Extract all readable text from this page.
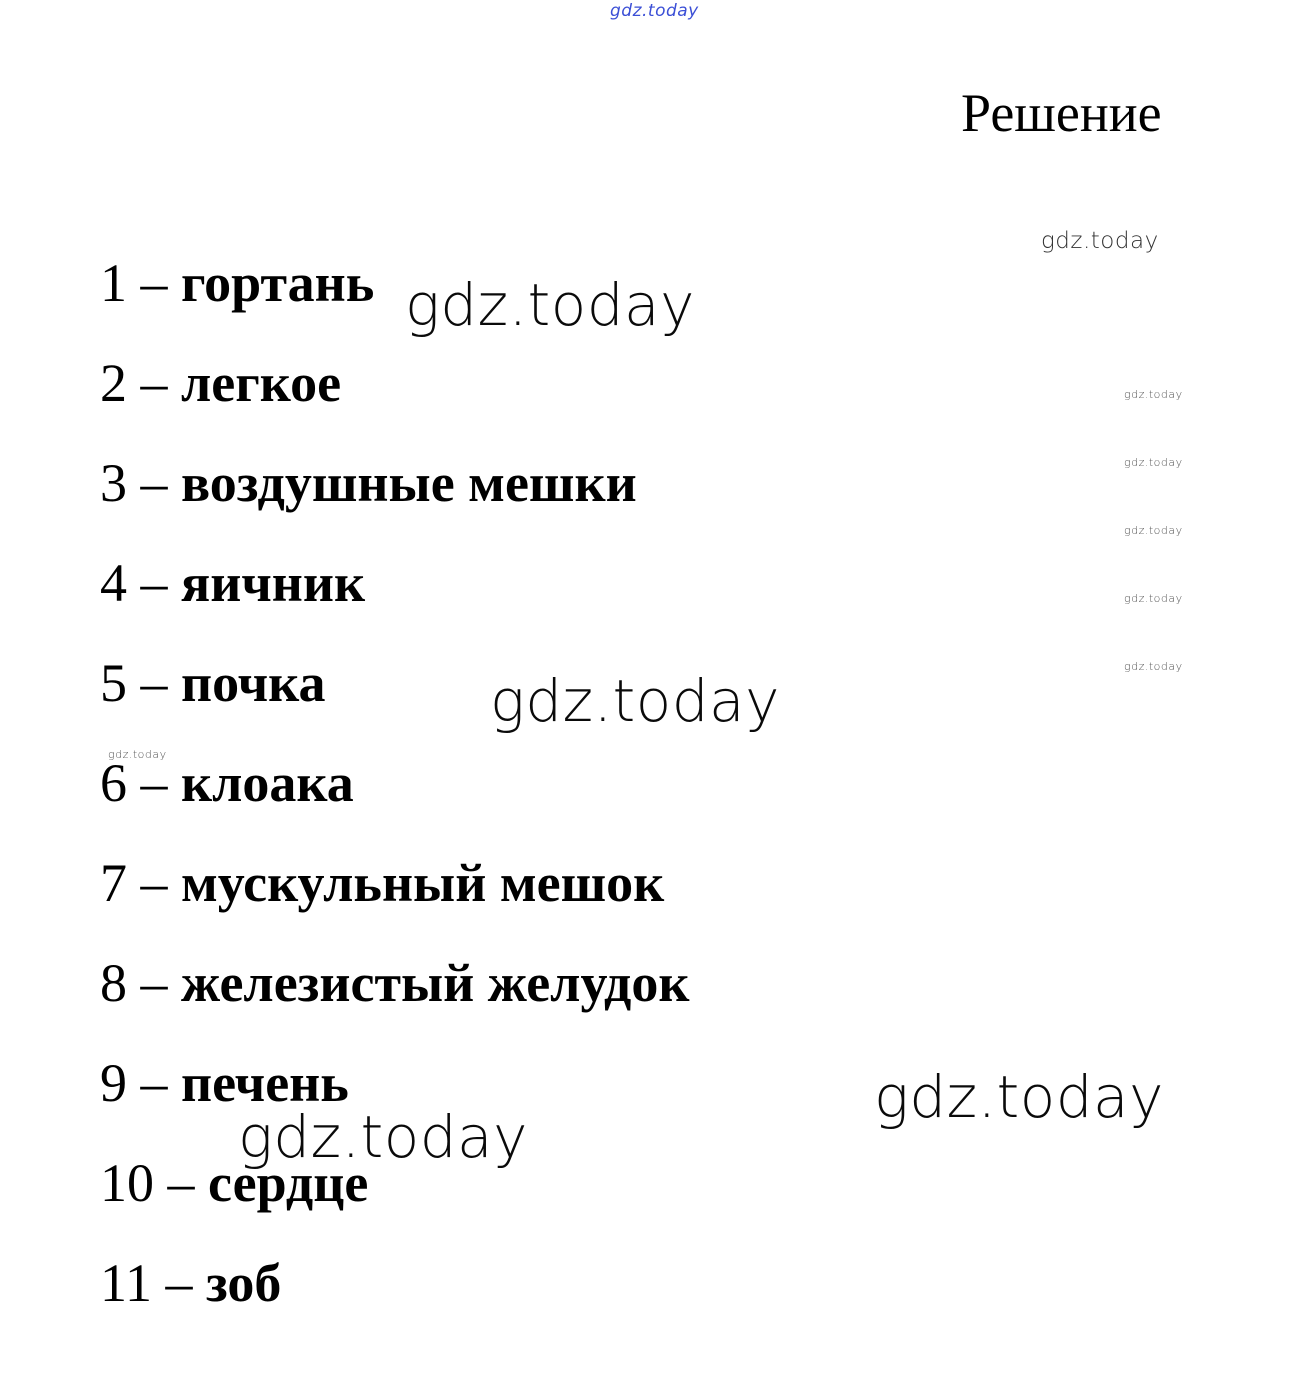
gdz.today
Решение
gdz.today
1 – гортань
2 – легкое
3 – воздушные мешки
4 – яичник
5 – почка
6 – клоака
7 – мускульный мешок
8 – железистый желудок
9 – печень
10 – сердце
11 – зоб
gdz.today
gdz.today
gdz.today
gdz.today
gdz.today
gdz.today
gdz.today
gdz.today
gdz.today
gdz.today
